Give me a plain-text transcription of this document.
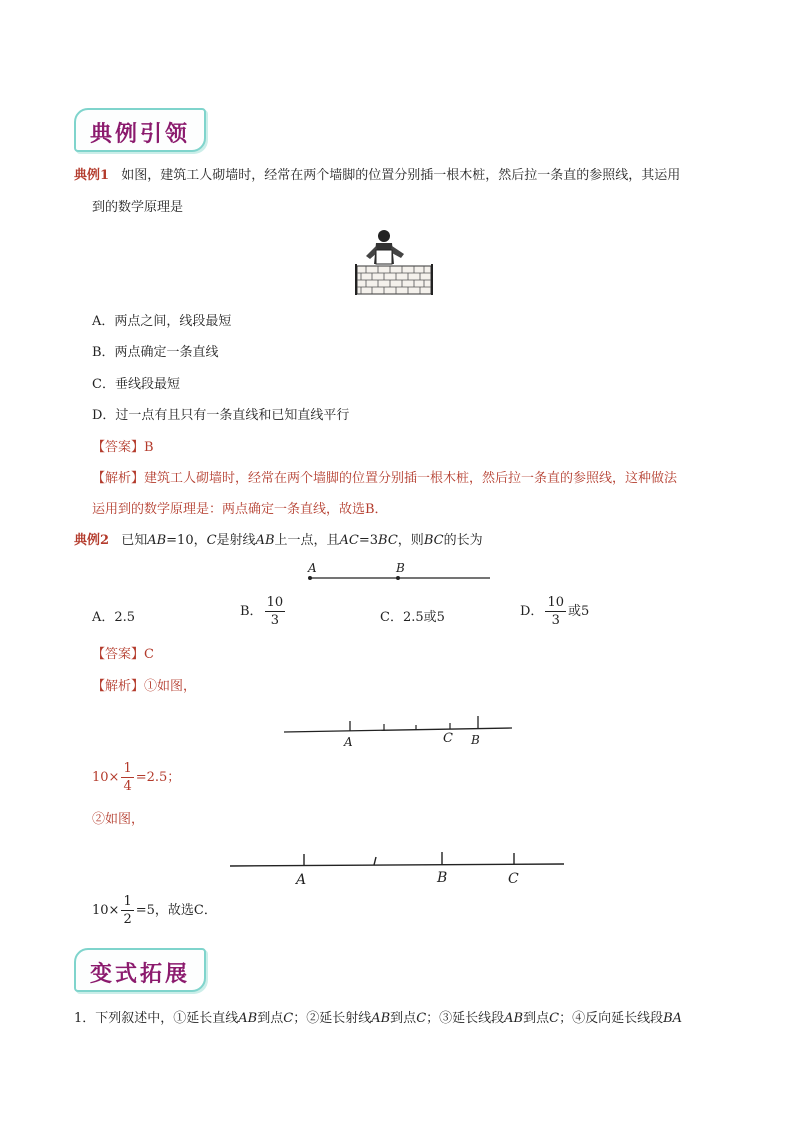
典例引领
典例1 如图，建筑工人砌墙时，经常在两个墙脚的位置分别插一根木桩，然后拉一条直的参照线，其运用
到的数学原理是
A．两点之间，线段最短
B．两点确定一条直线
C．垂线段最短
D．过一点有且只有一条直线和已知直线平行
【答案】B
【解析】建筑工人砌墙时，经常在两个墙脚的位置分别插一根木桩，然后拉一条直的参照线，这种做法
运用到的数学原理是：两点确定一条直线，故选B．
典例2 已知AB=10，C是射线AB上一点，且AC=3BC，则BC的长为
A	B
A．2.5	B． $\frac{10}{3}$	C．2.5或5	D． $\frac{10}{3}$ 或5
【答案】C
【解析】①如图，
A	C B
$10\times \frac{1}{4} =2.5$；
②如图，
A	B	C
$10\times \frac{1}{2} =5$，故选C．
变式拓展
1．下列叙述中，①延长直线AB到点C；②延长射线AB到点C；③延长线段AB到点C；④反向延长线段BA
